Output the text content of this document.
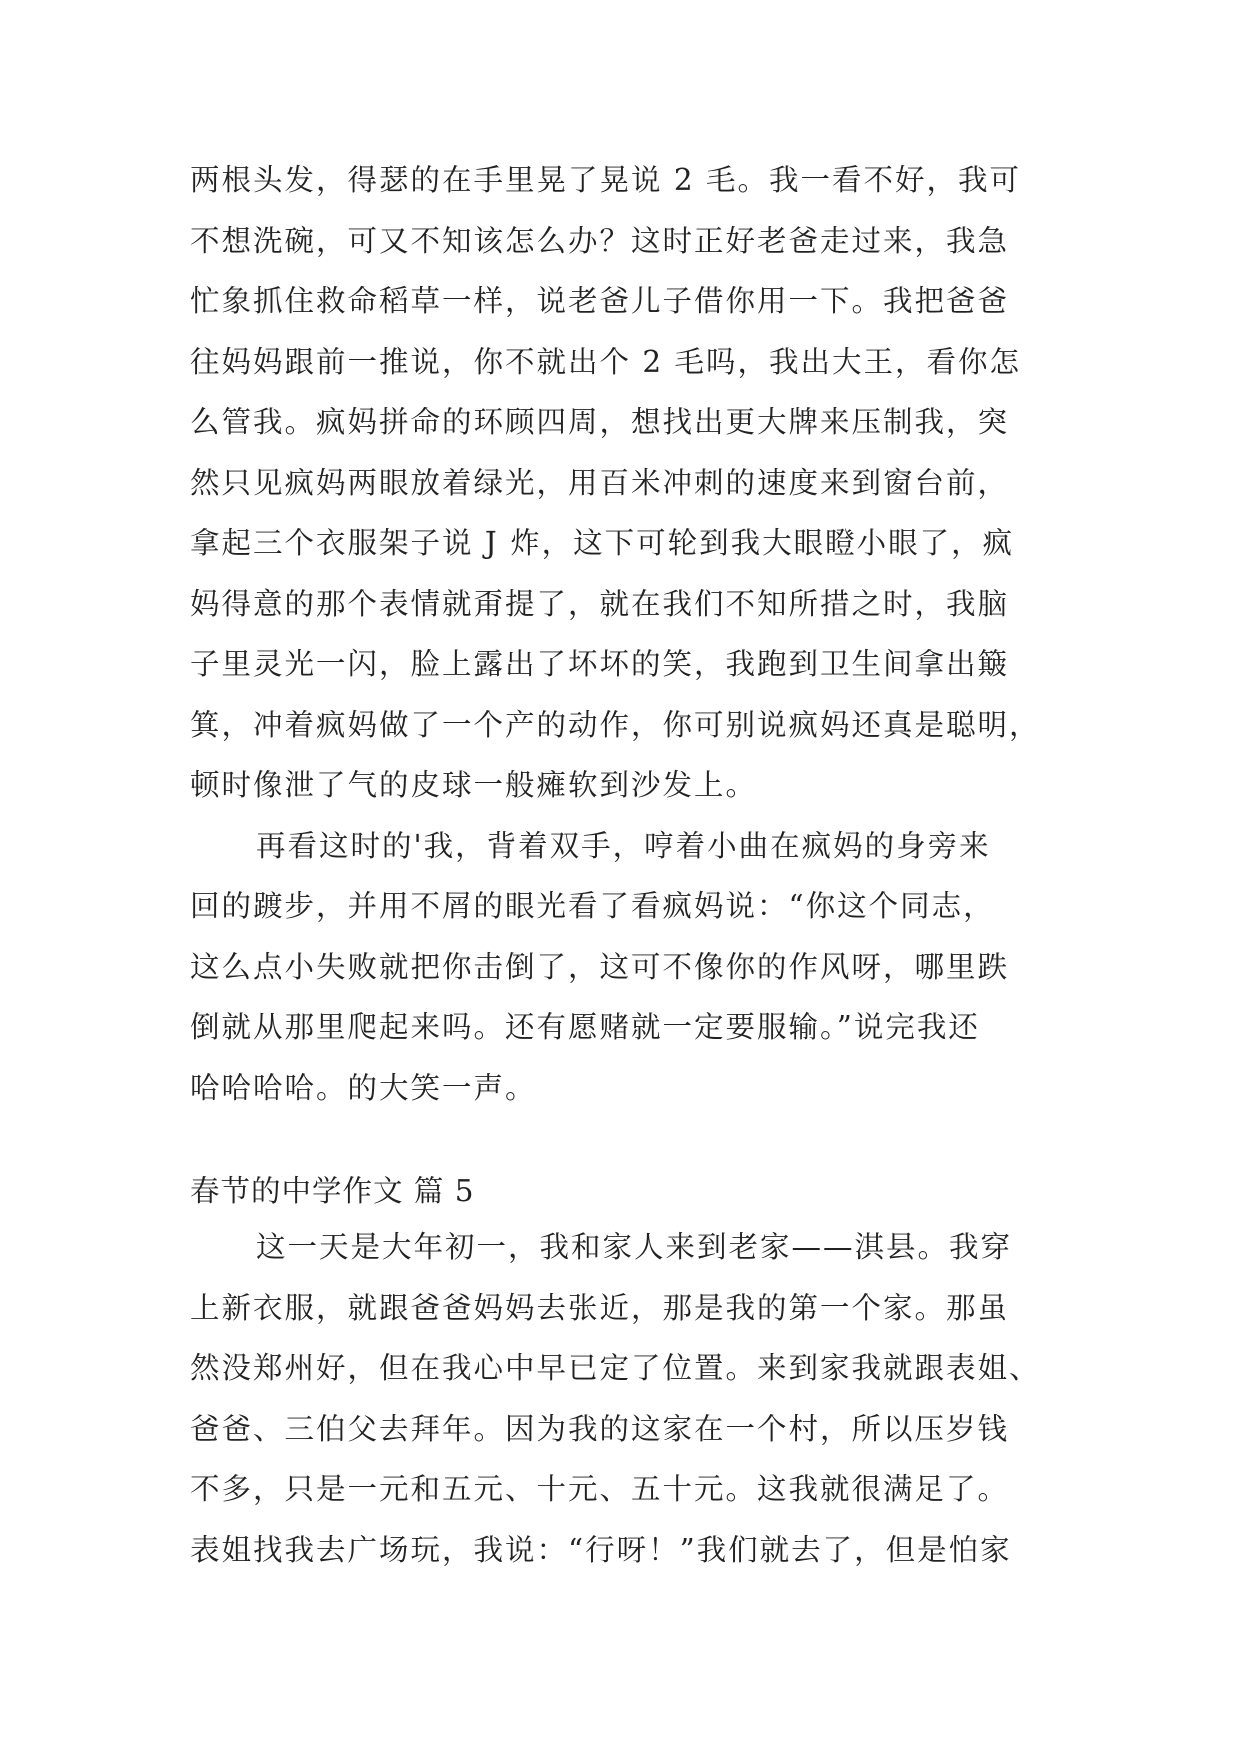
两根头发，得瑟的在手里晃了晃说 2 毛。我一看不好，我可
不想洗碗，可又不知该怎么办？这时正好老爸走过来，我急
忙象抓住救命稻草一样，说老爸儿子借你用一下。我把爸爸
往妈妈跟前一推说，你不就出个 2 毛吗，我出大王，看你怎
么管我。疯妈拼命的环顾四周，想找出更大牌来压制我，突
然只见疯妈两眼放着绿光，用百米冲刺的速度来到窗台前，
拿起三个衣服架子说 J 炸，这下可轮到我大眼瞪小眼了，疯
妈得意的那个表情就甭提了，就在我们不知所措之时，我脑
子里灵光一闪，脸上露出了坏坏的笑，我跑到卫生间拿出簸
箕，冲着疯妈做了一个产的动作，你可别说疯妈还真是聪明，
顿时像泄了气的皮球一般瘫软到沙发上。
再看这时的'我，背着双手，哼着小曲在疯妈的身旁来
回的踱步，并用不屑的眼光看了看疯妈说：“你这个同志，
这么点小失败就把你击倒了，这可不像你的作风呀，哪里跌
倒就从那里爬起来吗。还有愿赌就一定要服输。”说完我还
哈哈哈哈。的大笑一声。
春节的中学作文 篇 5
这一天是大年初一，我和家人来到老家——淇县。我穿
上新衣服，就跟爸爸妈妈去张近，那是我的第一个家。那虽
然没郑州好，但在我心中早已定了位置。来到家我就跟表姐、
爸爸、三伯父去拜年。因为我的这家在一个村，所以压岁钱
不多，只是一元和五元、十元、五十元。这我就很满足了。
表姐找我去广场玩，我说：“行呀！”我们就去了，但是怕家
